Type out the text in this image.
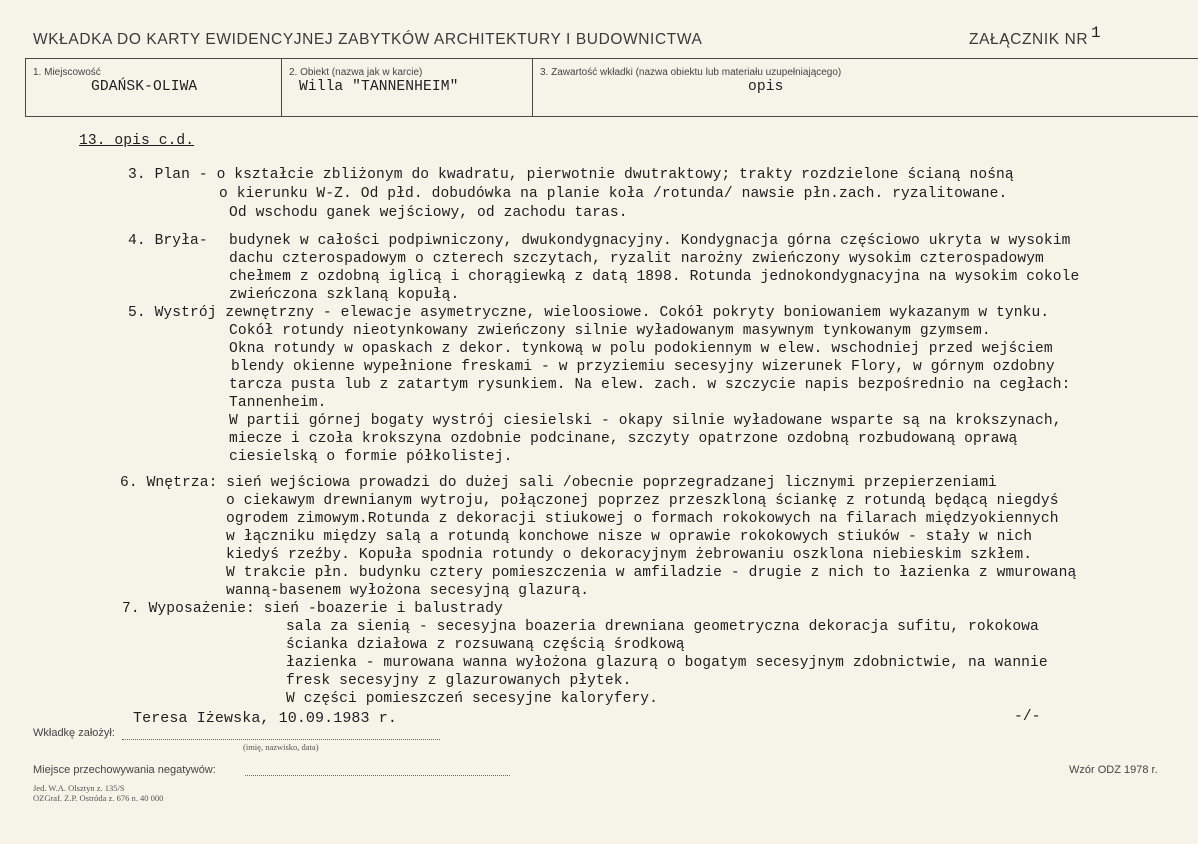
WKŁADKA DO KARTY EWIDENCYJNEJ ZABYTKÓW ARCHITEKTURY I BUDOWNICTWA	ZAŁĄCZNIK NR 1
1. Miejscowość
GDAŃSK-OLIWA
2. Obiekt (nazwa jak w karcie)
Willa "TANNENHEIM"
3. Zawartość wkładki (nazwa obiektu lub materiału uzupełniającego)
opis
13. opis c.d.
3. Plan - o kształcie zbliżonym do kwadratu, pierwotnie dwutraktowy; trakty rozdzielone ścianą nośną
o kierunku W-Z. Od płd. dobudówka na planie koła /rotunda/ nawsie płn.zach. ryzalitowane.
Od wschodu ganek wejściowy, od zachodu taras.
4. Bryła- budynek w całości podpiwniczony, dwukondygnacyjny. Kondygnacja górna częściowo ukryta w wysokim
dachu czterospadowym o czterech szczytach, ryzalit narożny zwieńczony wysokim czterospadowym
chełmem z ozdobną iglicą i chorągiewką z datą 1898. Rotunda jednokondygnacyjna na wysokim cokole
zwieńczona szklaną kopułą.
5. Wystrój zewnętrzny - elewacje asymetryczne, wieloosiowe. Cokół pokryty boniowaniem wykazanym w tynku.
Cokół rotundy nieotynkowany zwieńczony silnie wyładowanym masywnym tynkowanym gzymsem.
Okna rotundy w opaskach z dekor. tynkową w polu podokiennym w elew. wschodniej przed wejściem
blendy okienne wypełnione freskami - w przyziemiu secesyjny wizerunek Flory, w górnym ozdobny
tarcza pusta lub z zatartym rysunkiem. Na elew. zach. w szczycie napis bezpośrednio na cegłach:
Tannenheim.
W partii górnej bogaty wystrój ciesielski - okapy silnie wyładowane wsparte są na krokszynach,
miecze i czoła krokszyna ozdobnie podcinane, szczyty opatrzone ozdobną rozbudowaną oprawą
ciesielską o formie półkolistej.
6. Wnętrza: sień wejściowa prowadzi do dużej sali /obecnie poprzegradzanej licznymi przepierzeniami
o ciekawym drewnianym wytroju, połączonej poprzez przeszkloną ściankę z rotundą będącą niegdyś
ogrodem zimowym.Rotunda z dekoracji stiukowej o formach rokokowych na filarach międzyokiennych
w łączniku między salą a rotundą konchowe nisze w oprawie rokokowych stiuków - stały w nich
kiedyś rzeźby. Kopuła spodnia rotundy o dekoracyjnym żebrowaniu oszklona niebieskim szkłem.
W trakcie płn. budynku cztery pomieszczenia w amfiladzie - drugie z nich to łazienka z wmurowaną
wanną-basenem wyłożona secesyjną glazurą.
7. Wyposażenie: sień -boazerie i balustrady
sala za sienią - secesyjna boazeria drewniana geometryczna dekoracja sufitu, rokokowa
ścianka działowa z rozsuwaną częścią środkową
łazienka - murowana wanna wyłożona glazurą o bogatym secesyjnym zdobnictwie, na wannie
fresk secesyjny z glazurowanych płytek.
W części pomieszczeń secesyjne kaloryfery.
Wkładkę założył:
Teresa Iżewska, 10.09.1983 r.
(imię, nazwisko, data)
-/-
Miejsce przechowywania negatywów:	Wzór ODZ 1978 r.
Jed. W.A. Olsztyn z. 135/S
OZGraf. Z.P. Ostróda z. 676 n. 40 000
